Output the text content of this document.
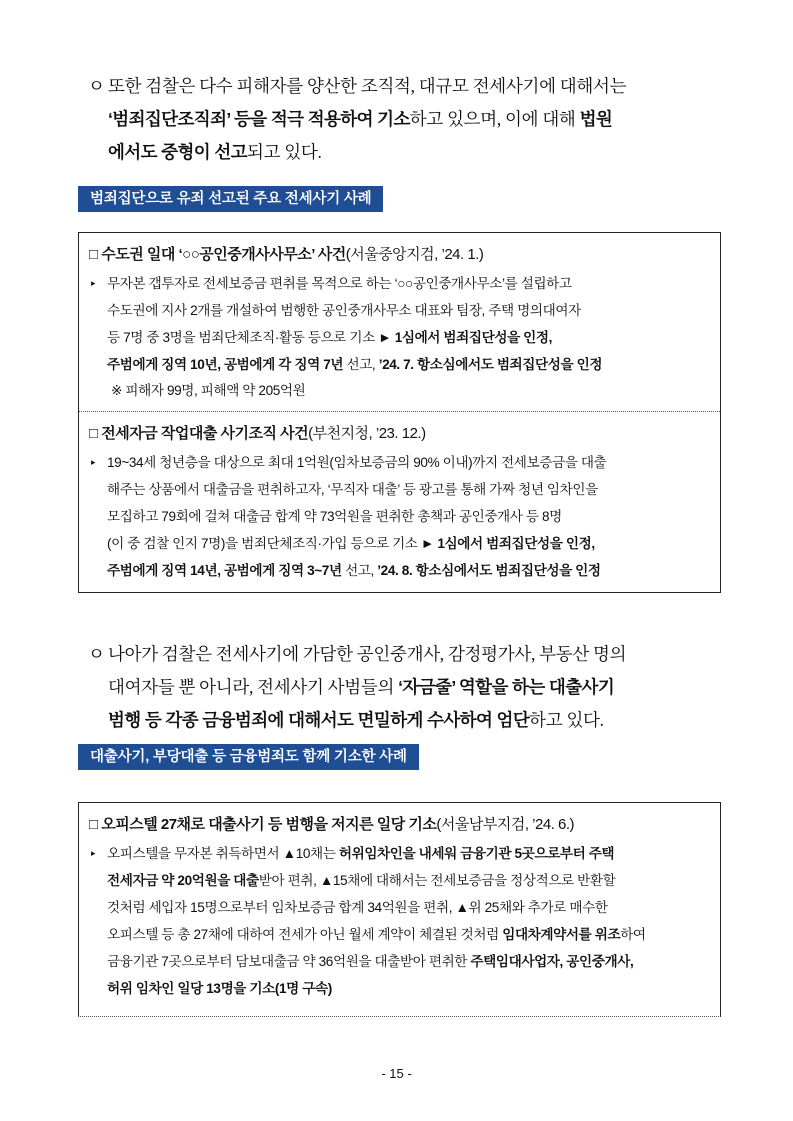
ㅇ 또한 검찰은 다수 피해자를 양산한 조직적, 대규모 전세사기에 대해서는
‘범죄집단조직죄’ 등을 적극 적용하여 기소하고 있으며, 이에 대해 법원
에서도 중형이 선고되고 있다.
범죄집단으로 유죄 선고된 주요 전세사기 사례
□ 수도권 일대 ‘○○공인중개사사무소’ 사건(서울중앙지검, ’24. 1.)
▸ 무자본 갭투자로 전세보증금 편취를 목적으로 하는 ‘○○공인중개사무소’를 설립하고
수도권에 지사 2개를 개설하여 범행한 공인중개사무소 대표와 팀장, 주택 명의대여자
등 7명 중 3명을 범죄단체조직·활동 등으로 기소 ► 1심에서 범죄집단성을 인정,
주범에게 징역 10년, 공범에게 각 징역 7년 선고, ’24. 7. 항소심에서도 범죄집단성을 인정
※ 피해자 99명, 피해액 약 205억원
□ 전세자금 작업대출 사기조직 사건(부천지청, ’23. 12.)
▸ 19~34세 청년층을 대상으로 최대 1억원(임차보증금의 90% 이내)까지 전세보증금을 대출
해주는 상품에서 대출금을 편취하고자, ‘무직자 대출’ 등 광고를 통해 가짜 청년 임차인을
모집하고 79회에 걸쳐 대출금 합계 약 73억원을 편취한 총책과 공인중개사 등 8명
(이 중 검찰 인지 7명)을 범죄단체조직·가입 등으로 기소 ► 1심에서 범죄집단성을 인정,
주범에게 징역 14년, 공범에게 징역 3~7년 선고, ’24. 8. 항소심에서도 범죄집단성을 인정
ㅇ 나아가 검찰은 전세사기에 가담한 공인중개사, 감정평가사, 부동산 명의
대여자들 뿐 아니라, 전세사기 사범들의 ‘자금줄’ 역할을 하는 대출사기
범행 등 각종 금융범죄에 대해서도 면밀하게 수사하여 엄단하고 있다.
대출사기, 부당대출 등 금융범죄도 함께 기소한 사례
□ 오피스텔 27채로 대출사기 등 범행을 저지른 일당 기소(서울남부지검, ’24. 6.)
▸ 오피스텔을 무자본 취득하면서 ▲10채는 허위임차인을 내세워 금융기관 5곳으로부터 주택
전세자금 약 20억원을 대출받아 편취, ▲15채에 대해서는 전세보증금을 정상적으로 반환할
것처럼 세입자 15명으로부터 임차보증금 합계 34억원을 편취, ▲위 25채와 추가로 매수한
오피스텔 등 총 27채에 대하여 전세가 아닌 월세 계약이 체결된 것처럼 임대차계약서를 위조하여
금융기관 7곳으로부터 담보대출금 약 36억원을 대출받아 편취한 주택임대사업자, 공인중개사,
허위 임차인 일당 13명을 기소(1명 구속)
- 15 -
